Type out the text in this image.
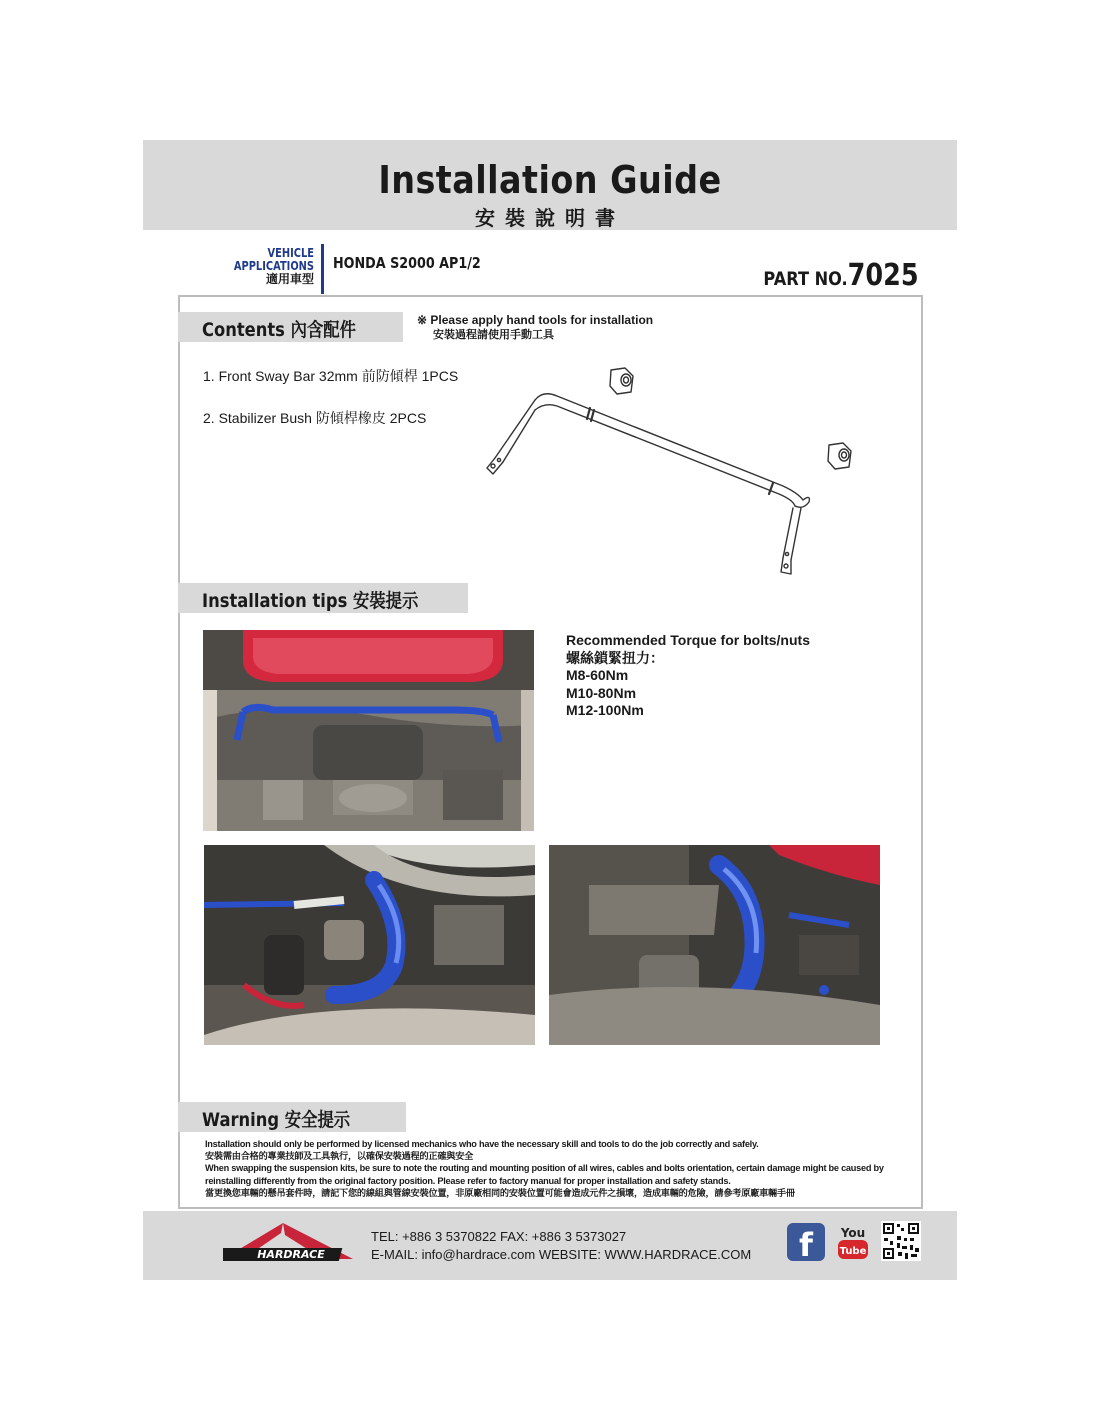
Installation Guide
安裝說明書
VEHICLE APPLICATIONS
適用車型
HONDA S2000 AP1/2
PART NO.7025
Contents 內含配件	※ Please apply hand tools for installation
安裝過程請使用手動工具
1. Front Sway Bar 32mm 前防傾桿 1PCS
2. Stabilizer Bush 防傾桿橡皮 2PCS
Installation tips 安裝提示
Recommended Torque for bolts/nuts
螺絲鎖緊扭力：
M8-60Nm
M10-80Nm
M12-100Nm
Warning 安全提示
Installation should only be performed by licensed mechanics who have the necessary skill and tools to do the job correctly and safely.
安裝需由合格的專業技師及工具執行，以確保安裝過程的正確與安全
When swapping the suspension kits, be sure to note the routing and mounting position of all wires, cables and bolts orientation, certain damage might be caused by reinstalling differently from the original factory position. Please refer to factory manual for proper installation and safety stands.
當更換您車輛的懸吊套件時，請記下您的線組與管線安裝位置，非原廠相同的安裝位置可能會造成元件之損壞，造成車輛的危險，請參考原廠車輛手冊
HARDRACE
TEL: +886 3 5370822 FAX: +886 3 5373027
E-MAIL: info@hardrace.com WEBSITE: WWW.HARDRACE.COM	f	You
Tube
